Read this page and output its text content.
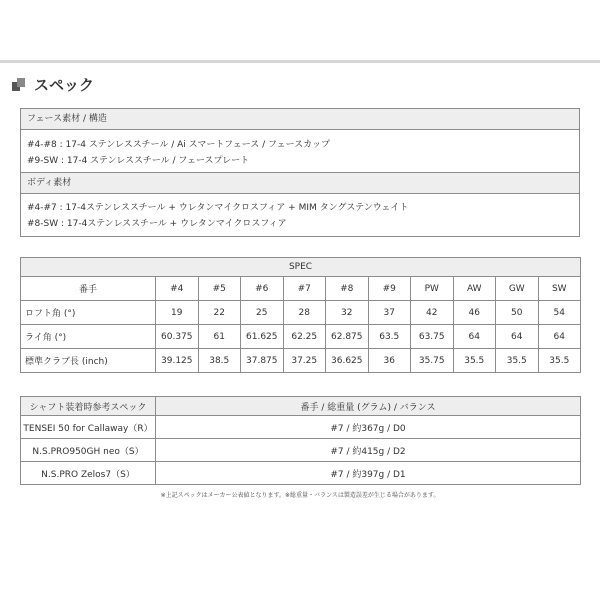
スペック
フェース素材 / 構造
#4-#8 : 17-4 ステンレススチール / Ai スマートフェース / フェースカップ
#9-SW : 17-4 ステンレススチール / フェースプレート
ボディ素材
#4-#7 : 17-4ステンレススチール + ウレタンマイクロスフィア + MIM タングステンウェイト
#8-SW : 17-4ステンレススチール + ウレタンマイクロスフィア
SPEC										
番手	#4	#5	#6	#7	#8	#9	PW	AW	GW	SW
ロフト角 (°)	19	22	25	28	32	37	42	46	50	54
ライ角 (°)	60.375	61	61.625	62.25	62.875	63.5	63.75	64	64	64
標準クラブ長 (inch)	39.125	38.5	37.875	37.25	36.625	36	35.75	35.5	35.5	35.5
シャフト装着時参考スペック	番手 / 総重量 (グラム) / バランス
TENSEI 50 for Callaway（R）	#7 / 約367g / D0
N.S.PRO950GH neo（S）	#7 / 約415g / D2
N.S.PRO Zelos7（S）	#7 / 約397g / D1
※上記スペックはメーカー公表値となります。※総重量・バランスは製造誤差が生じる場合があります。
